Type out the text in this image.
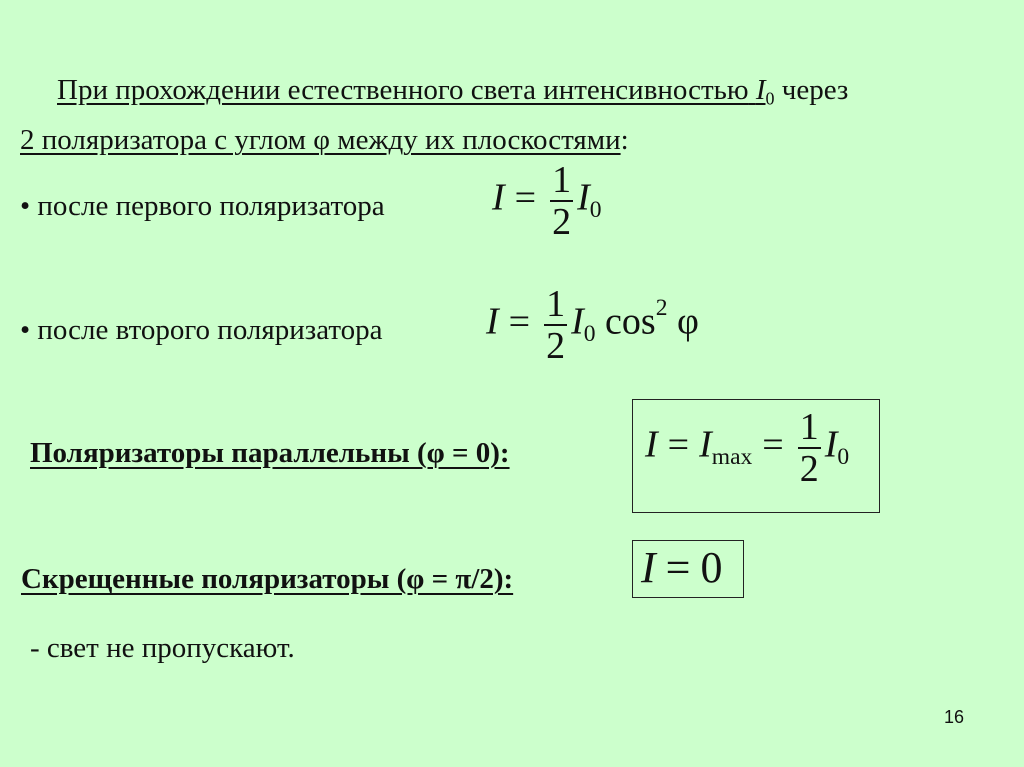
При прохождении естественного света интенсивностью $I_0$ через
2 поляризатора с углом φ между их плоскостями:
• после первого поляризатора	$I = \frac{1}{2} I_0$
• после второго поляризатора	$I = \frac{1}{2} I_0$ $\cos^2 \varphi$
Поляризаторы параллельны (φ = 0):	$I = I_{max} = \frac{1}{2} I_0$
Скрещенные поляризаторы (φ = π/2):	I = 0
- свет не пропускают.
16
